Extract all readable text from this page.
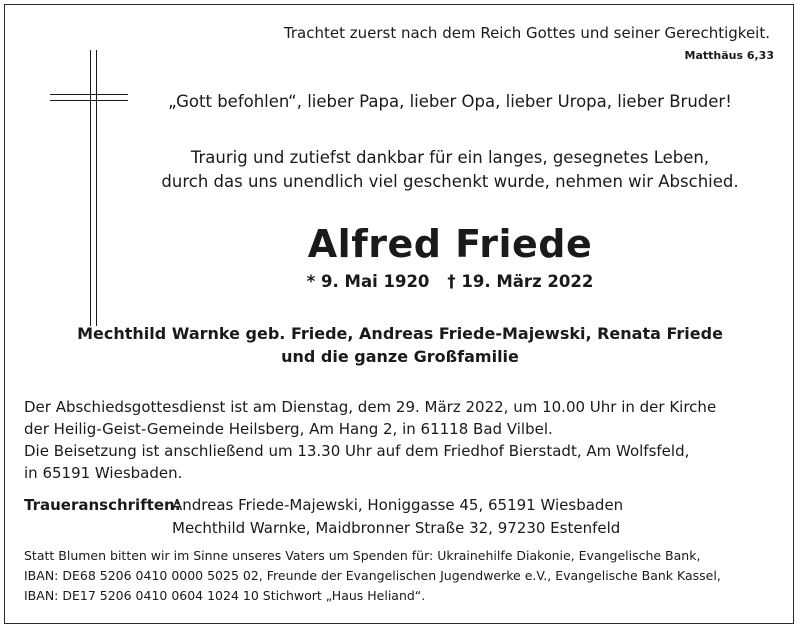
Trachtet zuerst nach dem Reich Gottes und seiner Gerechtigkeit.
Matthäus 6,33
„Gott befohlen“, lieber Papa, lieber Opa, lieber Uropa, lieber Bruder!
Traurig und zutiefst dankbar für ein langes, gesegnetes Leben,
durch das uns unendlich viel geschenkt wurde, nehmen wir Abschied.
Alfred Friede
* 9. Mai 1920 † 19. März 2022
Mechthild Warnke geb. Friede, Andreas Friede-Majewski, Renata Friede
und die ganze Großfamilie
Der Abschiedsgottesdienst ist am Dienstag, dem 29. März 2022, um 10.00 Uhr in der Kirche
der Heilig-Geist-Gemeinde Heilsberg, Am Hang 2, in 61118 Bad Vilbel.
Die Beisetzung ist anschließend um 13.30 Uhr auf dem Friedhof Bierstadt, Am Wolfsfeld,
in 65191 Wiesbaden.
Traueranschriften:
Andreas Friede-Majewski, Honiggasse 45, 65191 Wiesbaden
Mechthild Warnke, Maidbronner Straße 32, 97230 Estenfeld
Statt Blumen bitten wir im Sinne unseres Vaters um Spenden für: Ukrainehilfe Diakonie, Evangelische Bank,
IBAN: DE68 5206 0410 0000 5025 02, Freunde der Evangelischen Jugendwerke e.V., Evangelische Bank Kassel,
IBAN: DE17 5206 0410 0604 1024 10 Stichwort „Haus Heliand“.
